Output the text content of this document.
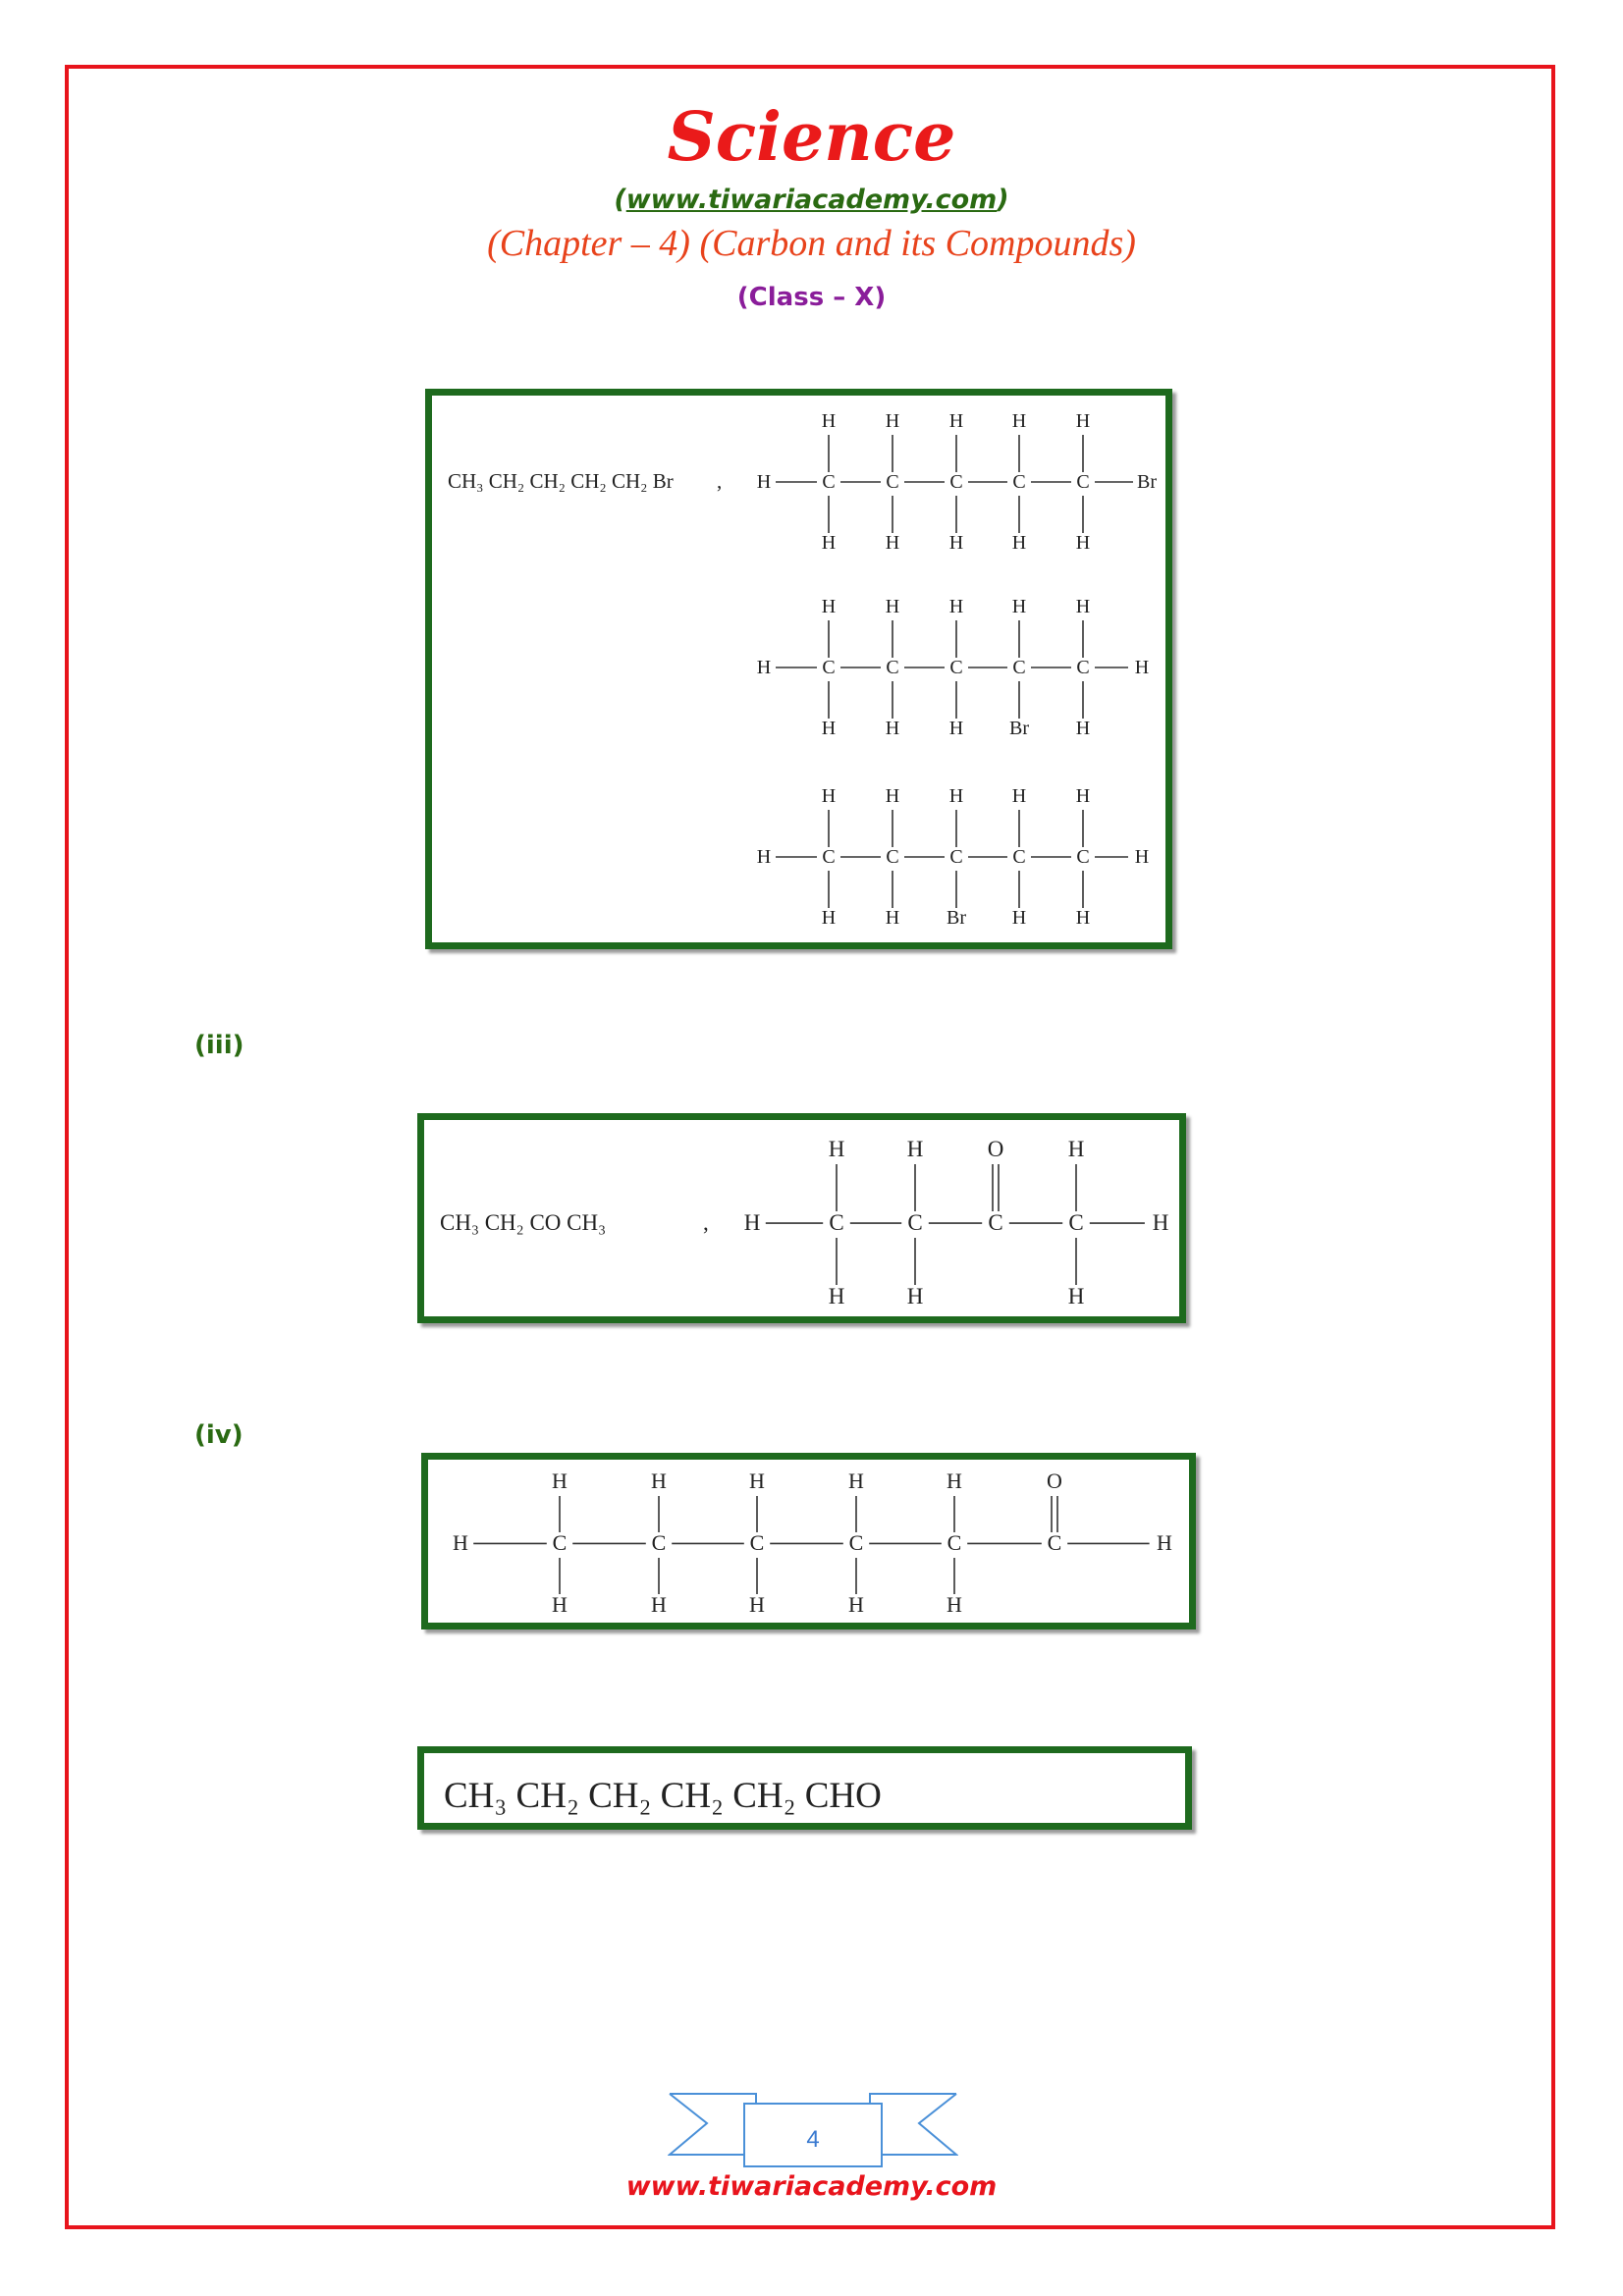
Science
(www.tiwariacademy.com)
(Chapter – 4) (Carbon and its Compounds)
(Class – X)
CH₃ CH₂ CH₂ CH₂ CH₂ Br ,	C
H
H
C
H
H
C
H
H
C
H
H
C
H
H
H	Br
C
H
H
C
H
H
C
H
H
C
H
Br
C
H
H
H	H
C
H
H
C
H
H
C
H
Br
C
H
H
C
H
H
H	H
(iii)
CH₃ CH₂ CO CH₃	,	C
H
H
C
H
H
C
O
C
H
H
H	H
(iv)
C
H
H
C
H
H
C
H
H
C
H
H
C
H
H
C
O
H	H
CH₃ CH₂ CH₂ CH₂ CH₂ CHO
4
www.tiwariacademy.com
